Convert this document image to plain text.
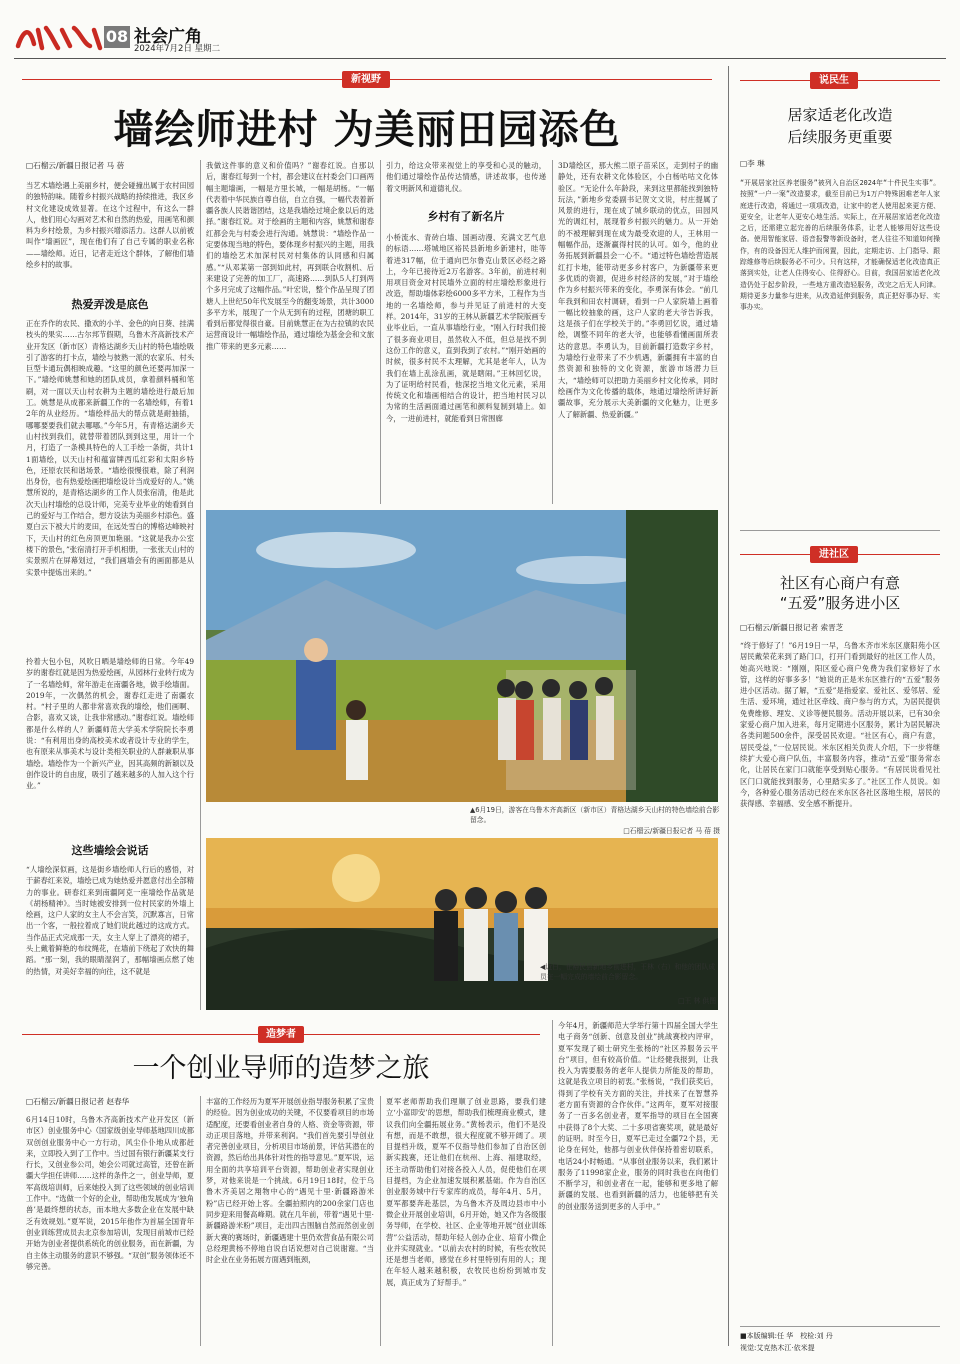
08 社会广角
2024年7月2日 星期二
新视野
墙绘师进村 为美丽田园添色
□石榴云/新疆日报记者 马 蓓
当艺术墙绘遇上美丽乡村，便会碰撞出属于农村田园的独特韵味。随着乡村振兴战略的持续推进，我区乡村文化建设成效显著。在这个过程中，有这么一群人，他们用心勾画对艺术和自然的热爱，用画笔和颜料为乡村绘景，为乡村振兴增添活力。这群人以前被叫作“墙画匠”，现在他们有了自己专属的职业名称——墙绘师。近日，记者走近这个群体，了解他们墙绘乡村的故事。
热爱弄泼是底色
正在乔作的农民、撒欢的小羊、金色的向日葵、挂满枝头的果实……古尔邦节假期，乌鲁木齐高新技术产业开发区（新市区）青格达湖乡天山村的特色墙绘吸引了游客的打卡点，墙绘与彼熟一派的农家乐、村头巨型卡通玩偶相映成趣。“这里的颜色还要再加深一下。”墙绘师姚慧和她的团队成员，拿着颜料桶和笔刷，对一面以天山村农耕为主题的墙绘进行最后加工。姚慧是从成都来新疆工作的一名墙绘师，有着12年的从业经历。“墙绘样品大的帮点就是耐抽插，哪哪要要我们就去哪哪。”今年5月，有青格达湖乡天山村找到我们，就替带着团队到到这里，用计一个月，打造了一条模具特色的人工手绘一条街，共计11面墙绘，以天山村和蕴富牌西瓜红彩和太阳乡特色，还原农民和谐场景。“墙绘很慢很难，除了利润出身份，也有热爱绘画把墙绘设计当成爱好的人。”姚慧所说的，是青格达湖乡的工作人员张宿清，他是此次天山村墙绘的总设计师，完美专业毕业的她看到自己的爱好与工作结合，想方设法为美丽乡村添色。盛夏白云下被大片的麦田，在远处雪白的博格达峰映衬下，天山村的红色房顶更加艳丽。“这就是我办公室楼下的景色，”张宿清打开手机相册，一张张天山村的实景照片在屏幕划过，“我们画墙会有的画面都是从实景中提炼出来的。”
拎着大包小包，风吹日晒是墙绘师的日常。今年49岁的谢春红就是因为热爱绘画，从园林行业转行成为了一名墙绘师，常年游走在南疆各地，做手绘墙面。2019年，一次偶然的机会，谢春红走进了南疆农村。“村子里的人都非常喜欢我的墙绘，他们画啊、合影，喜欢又谈，让我非常感动。”谢春红说。墙绘师都是什么样的人？新疆师范大学美术学院院长李勇说：“有利用出身的高校美术或者设计专业的学生，也有原来从事美术与设计类相关职业的人群兼职从事墙绘。墙绘作为一个新兴产业，因其高频的新颖以及创作设计的自由度，吸引了越来越多的人加入这个行业。”
这些墙绘会说话
“人墙绘深似画，这是街乡墙绘师人行后的感悟，对于薪春红来说，墙绘已成为她热爱并愿意付出全部精力的事业。研春红来到南疆阿克一座墙绘作品就是《胡杨精神》。当时她被安排到一位村民家的外墙上绘画，这户人家的女主人不会言笑，沉默寡言，日常出一个客，一般拉着成了她们说此越过的这成方式。当作品正式完成那一天，女主人穿上了漂亮的裙子，头上戴着鲜艳的布纹绳花，在墙前下绕起了欢快的舞蹈。“那一刻，我的眼睛湿润了，那幅墙画点燃了她的热情，对美好幸福的向往，这不就是
我做这件事的意义和价值吗？”谢春红说。自那以后，谢春红每到一个村，都会建议在村委会门口画两幅主题墙画，一幅是方里长城，一幅是胡杨。“一幅代表着中华民族自尊自信，自立自强，一幅代表着新疆各族人民谐谐团结，这是我墙绘过境企象以后的选择。”谢春红说。对于绘画的主题和内容，姚慧和谢春红都会先与村委会进行沟通。姚慧说：“墙绘作品一定要体现当地的特色，要体现乡村振兴的主题，用我们的墙绘艺术加深村民对村集体的认同感和归属感。”“从邓某第一部到如此村，再到联合收割机、后来建设了完善的加工厂，高速路……到队5人打到两个多月完成了这幅作品。”叶宏说，整个作品呈现了团塘人上世纪50年代发展至今的翻变场景，共计3000多平方米，展现了一个从无到有的过程，团塘的职工看到后都觉得很自豪。目前姚慧正在为古拉镇的农民运营商设计一幅墙绘作品，通过墙绘为基金会和文旅推广带来的更多元素……
引力，给这众带来视觉上的享受和心灵的触动，他们通过墙绘作品传达情感，讲述故事，也传递着文明新风和道德礼仪。
乡村有了新名片
小桥流水、青砖白墙、国画动漫、充满文艺气息的标语……塔城地区裕民县新地乡新建村，眭等着进317幅，位于通向巴尔鲁克山景区必经之路上，今年已接待近2万名游客。3年前，前进村利用项目资金对村民墙外立面的村庄墙绘形象进行改造，帮助墙体彩绘6000多平方米，工程作为当地的一名墙绘师，参与并见证了前进村的大变样。2014年，31岁的王林从新疆艺术学院版画专业毕业后，一直从事墙绘行业，“刚入行时我们接了很多商业项目，虽然收入不低，但总是找不到这份工作的意义，直到我到了农村。”“刚开始画的时候，很多村民不太理解，尤其是老年人，认为我们在墙上乱涂乱画，就是瞎闹。”王林回忆说，为了证明给村民看，他深挖当地文化元素，采用传统文化和墙画相结合的设计，把当地村民习以为常的生活画面通过画笔和颜料复制到墙上。如今，一进前进村，就能看到日常围廊
3D墙绘区，那大熊二原子苗采区，走到村子的幽静处，还有农耕文化体验区，小白杨咕咕文化体验区。“无论什么年龄段，来到这里都能找到独特玩法，”新地乡党委副书记贺文文说，村庄提属了风景的进行，现在成了城乡联动的优点，田园风光的调红村，展现着乡村振兴的魅力。从一开始的不被理解到现在成为最受欢迎的人，王林用一幅幅作品，逐渐赢得村民的认可。如今，他的业务拓展到新疆县会一心不。“通过特色墙绘营造展红打卡地，能带动更多乡村客户，为新疆带来更多优质的资源，促进乡村经济的发展，”对于墙绘作为乡村振兴带来的变化，李勇深有体会。“前几年我到和田农村调研，看到一户人家院墙上画着一幅比较抽象的画，这户人家的老大爷告诉我，这是孩子们在学校关于的。”李勇回忆说，通过墙绘，调整不同年的老大爷，也能够看懂画面所表达的意思。李勇认为，目前新疆打造数字乡村，为墙绘行业带来了不少机遇，新疆拥有丰富的自然资源和独特的文化资源，旅游市场潜力巨大，“墙绘师可以把助力美丽乡村文化传承，同时绘画作为文化传播的载体，地通过墙绘所讲好新疆故事，充分展示大美新疆的文化魅力，让更多人了解新疆、热爱新疆。”
▲6月19日，游客在乌鲁木齐高新区（新市区）青格达湖乡天山村的特色墙绘前合影留念。
□石榴云/新疆日报记者 马 蓓 摄
◀近日，在裕民县新地乡前进村，王林（右）和他的团队成员在一幅完成的墙绘前合影留念。
□王 林 供图
造梦者
一个创业导师的造梦之旅
□石榴云/新疆日报记者 赵春华
6月14日10时，乌鲁木齐高新技术产业开发区（新市区）创业服务中心（国家级创业导师基地四川成都双创创业服务中心一方行动，风尘仆仆地从成都赶来，立即投入到了工作中。当过国有银行新疆某支行行长，又创业参公司，她会公司就过高管，还曾在新疆大学担任讲师……这样的条件之一，创业导师，夏军高级培训师，后来她投入到了这些领域的创业培训工作中。“选做一个好的企业，帮助他发展成为‘独角兽’是最终想的状态，而本地大多数企业在发展中缺乏有效规划。”夏军说，2015年他作为首届全国青年创业训练营成员去北京参加培训，发现目前城市已经开始为创业者提供系统化的创业服务，而在新疆，为自主体主动服务的意识不够强。“双创”服务领体还不够完善。
丰富的工作经历为夏军开展创业指导服务积累了宝贵的经验。因为创业成功的关键，不仅要看项目的市场适配度，还要看创业者自身的人格、资金等资源，带动正项目落地，并带来利润。“我们首先要引导创业者完善创业项目，分析项目市场前景，评估其潜在的资源，然后给出具体针对性的指导意见。”夏军说，运用全面的共享培训平台资源，帮助创业者实现创业梦，对他来说是一个挑战。6月19日18时，位于乌鲁木齐美居之翔物中心的“遇见十里·新疆路游米粉”店已经开始上客。全疆拍照内的200余家门店也同步迎来用餐高峰期。就在几年前，带着“遇见十里·新疆路游米粉”项目，走出四古围脑自然而然创业创新大赛的赛场时，新疆遇建十里仍欢营食品有限公司总经理黄杨不停地自说自话说想对自己说谢谢。“当时企业在业务拓展方面遇到瓶颈，
夏军老师帮助我们理顺了创业思路，要我们建立‘小富即安’的思想，帮助我们梳理商业模式，建议我们向全疆拓展业务。”黄杨表示，他们不是没有想，而是不敢想，很大程度就不够开阔了。项目提档升级，夏军不仅指导他们参加了自治区创新实践赛，还让他们在杭州、上海、福建取经，还主动帮助他们对接各投入人员，促使他们在项目提档，为企业加速发展积累基础。作为自治区创业服务城中行专家库的成员，每年4月、5月，夏军都要奔赴基层，为乌鲁木齐及周边县市中小微企业开展创业培训，6月开始，她又作为各级服务导师，在学校、社区、企业等地开展“创业训练营”公益活动，帮助年轻人创办企业、培育小微企业并实现就业。“以前去农村的时候，有些农牧民还是想当老师，感觉在乡村里特别有用的人；现在年轻人越来越积极，农牧民也纷纷到城市发展，真正成为了好帮手。”
今年4月，新疆师范大学举行第十四届全国大学生电子商务“创新、创意及创业”挑战赛校内评审，夏军发现了硕士研究生张杨的“社区养服务云平台”项目，但有较高价值。“让经健我报到，让我投入为需要服务的老年人提供力所能及的帮助，这就是我立项目的初衷。”张杨说，“我们获奖后，得到了学校有关方面的关注，并找来了在智慧养老方面有资源的合作伙伴。”这两年，夏军对接服务了一百多名创业者，夏军指导的项目在全国赛中获得了8个大奖、二十多项省赛奖项，就是最好的证明。时至今日，夏军已走过全疆72个县，无论身在何处，他都与创业伙伴保持着密切联系，电话24小时畅通。“从事创业服务以来，我们累计服务了11998家企业，服务的同时我也在向他们不断学习，和创业者在一起，能够和更多地了解新疆的发展、也看到新疆的活力，也能够把有关的创业服务送到更多的人手中。”
说民生
居家适老化改造
后续服务更重要
□李 琳
“开展居家社区养老服务”被列入自治区2024年“十件民生实事”。按照“一户一案”改造要求，截至目前已为1万户特殊困难老年人家庭进行改造，将通过一项项改造，让家中的老人使用起来更方便、更安全，让老年人更安心地生活。实际上，在开展居家适老化改造之后，还需建立起完善的后续服务体系，让老人能够用好这些设备。使用智能家居、语音报警等新设备时，老人往往不知道如何操作，有的设备因无人维护而闲置，因此，定期走访、上门指导、跟踪维修等后续服务必不可少。只有这样，才能确保适老化改造真正落到实处，让老人住得安心、住得舒心。目前，我国居家适老化改造仍处于起步阶段，一些地方重改造轻服务，改完之后无人问津。期待更多力量参与进来，从改造延伸到服务，真正把好事办好、实事办实。
进社区
社区有心商户有意
“五爱”服务进小区
□石榴云/新疆日报记者 索晋芝
“终于修好了！”6月19日一早，乌鲁木齐市米东区康阳苑小区居民戴荣花来到了路门口，打开门看到最好的社区工作人员，她高兴地说：“刚刚，阳区爱心商户免费为我们家修好了水管，这样的好事多多！”她说的正是米东区推行的“五爱”服务进小区活动。据了解，“五爱”是指爱家、爱社区、爱邻居、爱生活、爱环境，通过社区牵线、商户参与的方式，为居民提供免费维修、理发、义诊等便民服务。活动开展以来，已有30余家爱心商户加入进来，每月定期进小区服务，累计为居民解决各类问题500余件，深受居民欢迎。“社区有心，商户有意，居民受益，”一位居民说。米东区相关负责人介绍，下一步将继续扩大爱心商户队伍，丰富服务内容，推动“五爱”服务常态化，让居民在家门口就能享受到贴心服务。“有居民说看见社区门口就能找到服务，心里踏实多了。”社区工作人员说。如今，各种爱心服务活动已经在米东区各社区落地生根，居民的获得感、幸福感、安全感不断提升。
■本版编辑:任 华　校检:刘 丹
视觉:艾克热木江·依米提
